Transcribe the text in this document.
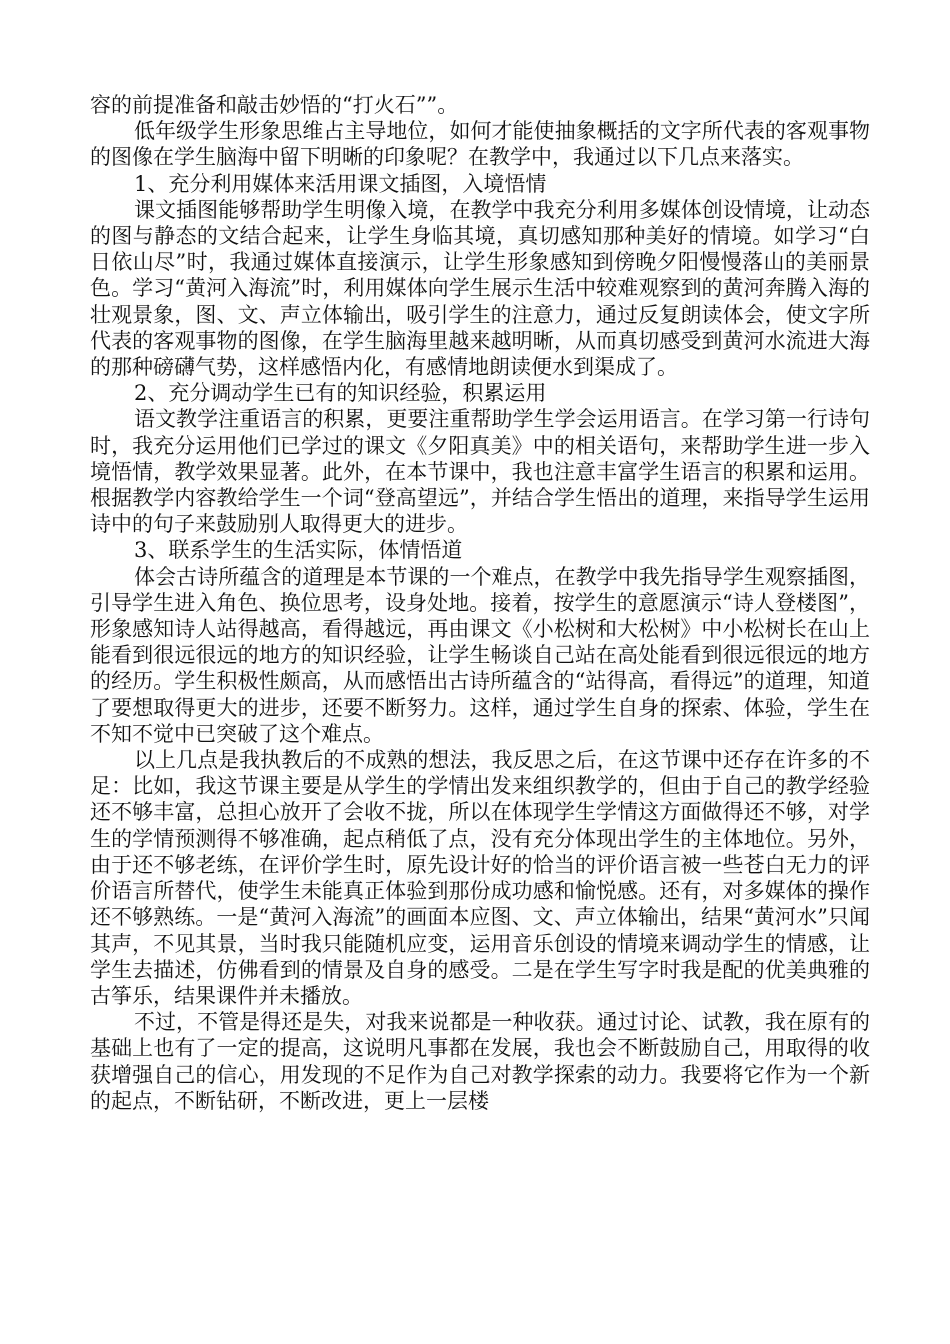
容的前提准备和敲击妙悟的“打火石””。

低年级学生形象思维占主导地位，如何才能使抽象概括的文字所代表的客观事物的图像在学生脑海中留下明晰的印象呢？在教学中，我通过以下几点来落实。

1、充分利用媒体来活用课文插图，入境悟情

课文插图能够帮助学生明像入境，在教学中我充分利用多媒体创设情境，让动态的图与静态的文结合起来，让学生身临其境，真切感知那种美好的情境。如学习“白日依山尽”时，我通过媒体直接演示，让学生形象感知到傍晚夕阳慢慢落山的美丽景色。学习“黄河入海流”时，利用媒体向学生展示生活中较难观察到的黄河奔腾入海的壮观景象，图、文、声立体输出，吸引学生的注意力，通过反复朗读体会，使文字所代表的客观事物的图像，在学生脑海里越来越明晰，从而真切感受到黄河水流进大海的那种磅礴气势，这样感悟内化，有感情地朗读便水到渠成了。

2、充分调动学生已有的知识经验，积累运用

语文教学注重语言的积累，更要注重帮助学生学会运用语言。在学习第一行诗句时，我充分运用他们已学过的课文《夕阳真美》中的相关语句，来帮助学生进一步入境悟情，教学效果显著。此外，在本节课中，我也注意丰富学生语言的积累和运用。根据教学内容教给学生一个词“登高望远”，并结合学生悟出的道理，来指导学生运用诗中的句子来鼓励别人取得更大的进步。

3、联系学生的生活实际，体情悟道

体会古诗所蕴含的道理是本节课的一个难点，在教学中我先指导学生观察插图，引导学生进入角色、换位思考，设身处地。接着，按学生的意愿演示“诗人登楼图”，形象感知诗人站得越高，看得越远，再由课文《小松树和大松树》中小松树长在山上能看到很远很远的地方的知识经验，让学生畅谈自己站在高处能看到很远很远的地方的经历。学生积极性颇高，从而感悟出古诗所蕴含的“站得高，看得远”的道理，知道了要想取得更大的进步，还要不断努力。这样，通过学生自身的探索、体验，学生在不知不觉中已突破了这个难点。

以上几点是我执教后的不成熟的想法，我反思之后，在这节课中还存在许多的不足：比如，我这节课主要是从学生的学情出发来组织教学的，但由于自己的教学经验还不够丰富，总担心放开了会收不拢，所以在体现学生学情这方面做得还不够，对学生的学情预测得不够准确，起点稍低了点，没有充分体现出学生的主体地位。另外，由于还不够老练，在评价学生时，原先设计好的恰当的评价语言被一些苍白无力的评价语言所替代，使学生未能真正体验到那份成功感和愉悦感。还有，对多媒体的操作还不够熟练。一是“黄河入海流”的画面本应图、文、声立体输出，结果“黄河水”只闻其声，不见其景，当时我只能随机应变，运用音乐创设的情境来调动学生的情感，让学生去描述，仿佛看到的情景及自身的感受。二是在学生写字时我是配的优美典雅的古筝乐，结果课件并未播放。

不过，不管是得还是失，对我来说都是一种收获。通过讨论、试教，我在原有的基础上也有了一定的提高，这说明凡事都在发展，我也会不断鼓励自己，用取得的收获增强自己的信心，用发现的不足作为自己对教学探索的动力。我要将它作为一个新的起点，不断钻研，不断改进，更上一层楼
